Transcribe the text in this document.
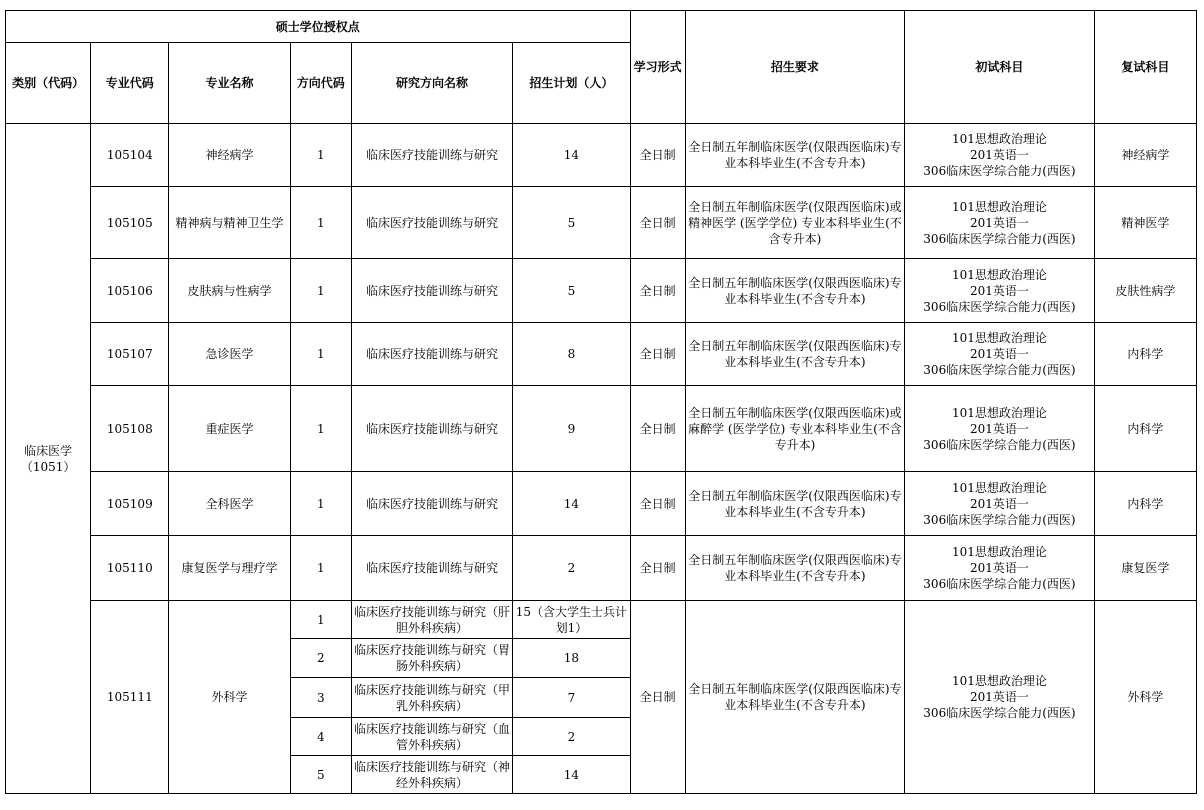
硕士学位授权点						学习形式	招生要求	初试科目	复试科目
类别（代码）	专业代码	专业名称	方向代码	研究方向名称	招生计划（人）				
临床医学（1051）	105104	神经病学	1	临床医疗技能训练与研究	14	全日制	全日制五年制临床医学(仅限西医临床)专业本科毕业生(不含专升本)	101思想政治理论
201英语一
306临床医学综合能力(西医)	神经病学
	105105	精神病与精神卫生学	1	临床医疗技能训练与研究	5	全日制	全日制五年制临床医学(仅限西医临床)或精神医学 (医学学位) 专业本科毕业生(不含专升本)	101思想政治理论
201英语一
306临床医学综合能力(西医)	精神医学
	105106	皮肤病与性病学	1	临床医疗技能训练与研究	5	全日制	全日制五年制临床医学(仅限西医临床)专业本科毕业生(不含专升本)	101思想政治理论
201英语一
306临床医学综合能力(西医)	皮肤性病学
	105107	急诊医学	1	临床医疗技能训练与研究	8	全日制	全日制五年制临床医学(仅限西医临床)专业本科毕业生(不含专升本)	101思想政治理论
201英语一
306临床医学综合能力(西医)	内科学
	105108	重症医学	1	临床医疗技能训练与研究	9	全日制	全日制五年制临床医学(仅限西医临床)或麻醉学 (医学学位) 专业本科毕业生(不含专升本)	101思想政治理论
201英语一
306临床医学综合能力(西医)	内科学
	105109	全科医学	1	临床医疗技能训练与研究	14	全日制	全日制五年制临床医学(仅限西医临床)专业本科毕业生(不含专升本)	101思想政治理论
201英语一
306临床医学综合能力(西医)	内科学
	105110	康复医学与理疗学	1	临床医疗技能训练与研究	2	全日制	全日制五年制临床医学(仅限西医临床)专业本科毕业生(不含专升本)	101思想政治理论
201英语一
306临床医学综合能力(西医)	康复医学
	105111	外科学	1	临床医疗技能训练与研究（肝胆外科疾病）	15（含大学生士兵计划1）	全日制	全日制五年制临床医学(仅限西医临床)专业本科毕业生(不含专升本)	101思想政治理论
201英语一
306临床医学综合能力(西医)	外科学
			2	临床医疗技能训练与研究（胃肠外科疾病）	18				
			3	临床医疗技能训练与研究（甲乳外科疾病）	7				
			4	临床医疗技能训练与研究（血管外科疾病）	2				
			5	临床医疗技能训练与研究（神经外科疾病）	14				
